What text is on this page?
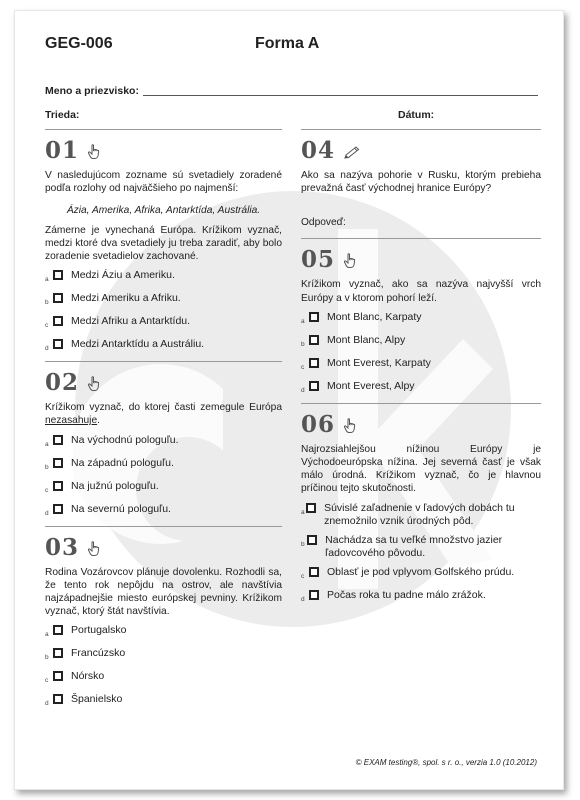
GEG-006	Forma A
Meno a priezvisko:
Trieda:	Dátum:
01
V nasledujúcom zozname sú svetadiely zoradené podľa rozlohy od najväčšieho po najmenší:
Ázia, Amerika, Afrika, Antarktída, Austrália.
Zámerne je vynechaná Európa. Krížikom vyznač, medzi ktoré dva svetadiely ju treba zaradiť, aby bolo zoradenie svetadielov zachované.
a	Medzi Áziu a Ameriku.
b	Medzi Ameriku a Afriku.
c	Medzi Afriku a Antarktídu.
d	Medzi Antarktídu a Austráliu.
02
Krížikom vyznač, do ktorej časti zemegule Európa nezasahuje.
a	Na východnú pologuľu.
b	Na západnú pologuľu.
c	Na južnú pologuľu.
d	Na severnú pologuľu.
03
Rodina Vozárovcov plánuje dovolenku. Rozhodli sa, že tento rok nepôjdu na ostrov, ale navštívia najzápadnejšie miesto európskej pevniny. Krížikom vyznač, ktorý štát navštívia.
a	Portugalsko
b	Francúzsko
c	Nórsko
d	Španielsko
04
Ako sa nazýva pohorie v Rusku, ktorým prebieha prevažná časť východnej hranice Európy?
Odpoveď:
05
Krížikom vyznač, ako sa nazýva najvyšší vrch Európy a v ktorom pohorí leží.
a	Mont Blanc, Karpaty
b	Mont Blanc, Alpy
c	Mont Everest, Karpaty
d	Mont Everest, Alpy
06
Najrozsiahlejšou nížinou Európy je Východoeurópska nížina. Jej severná časť je však málo úrodná. Krížikom vyznač, čo je hlavnou príčinou tejto skutočnosti.
a Súvislé zaľadnenie v ľadových dobách tu znemožnilo vznik úrodných pôd.
b Nachádza sa tu veľké množstvo jazier ľadovcového pôvodu.
c	Oblasť je pod vplyvom Golfského prúdu.
d	Počas roka tu padne málo zrážok.
© EXAM testing®, spol. s r. o., verzia 1.0 (10.2012)
